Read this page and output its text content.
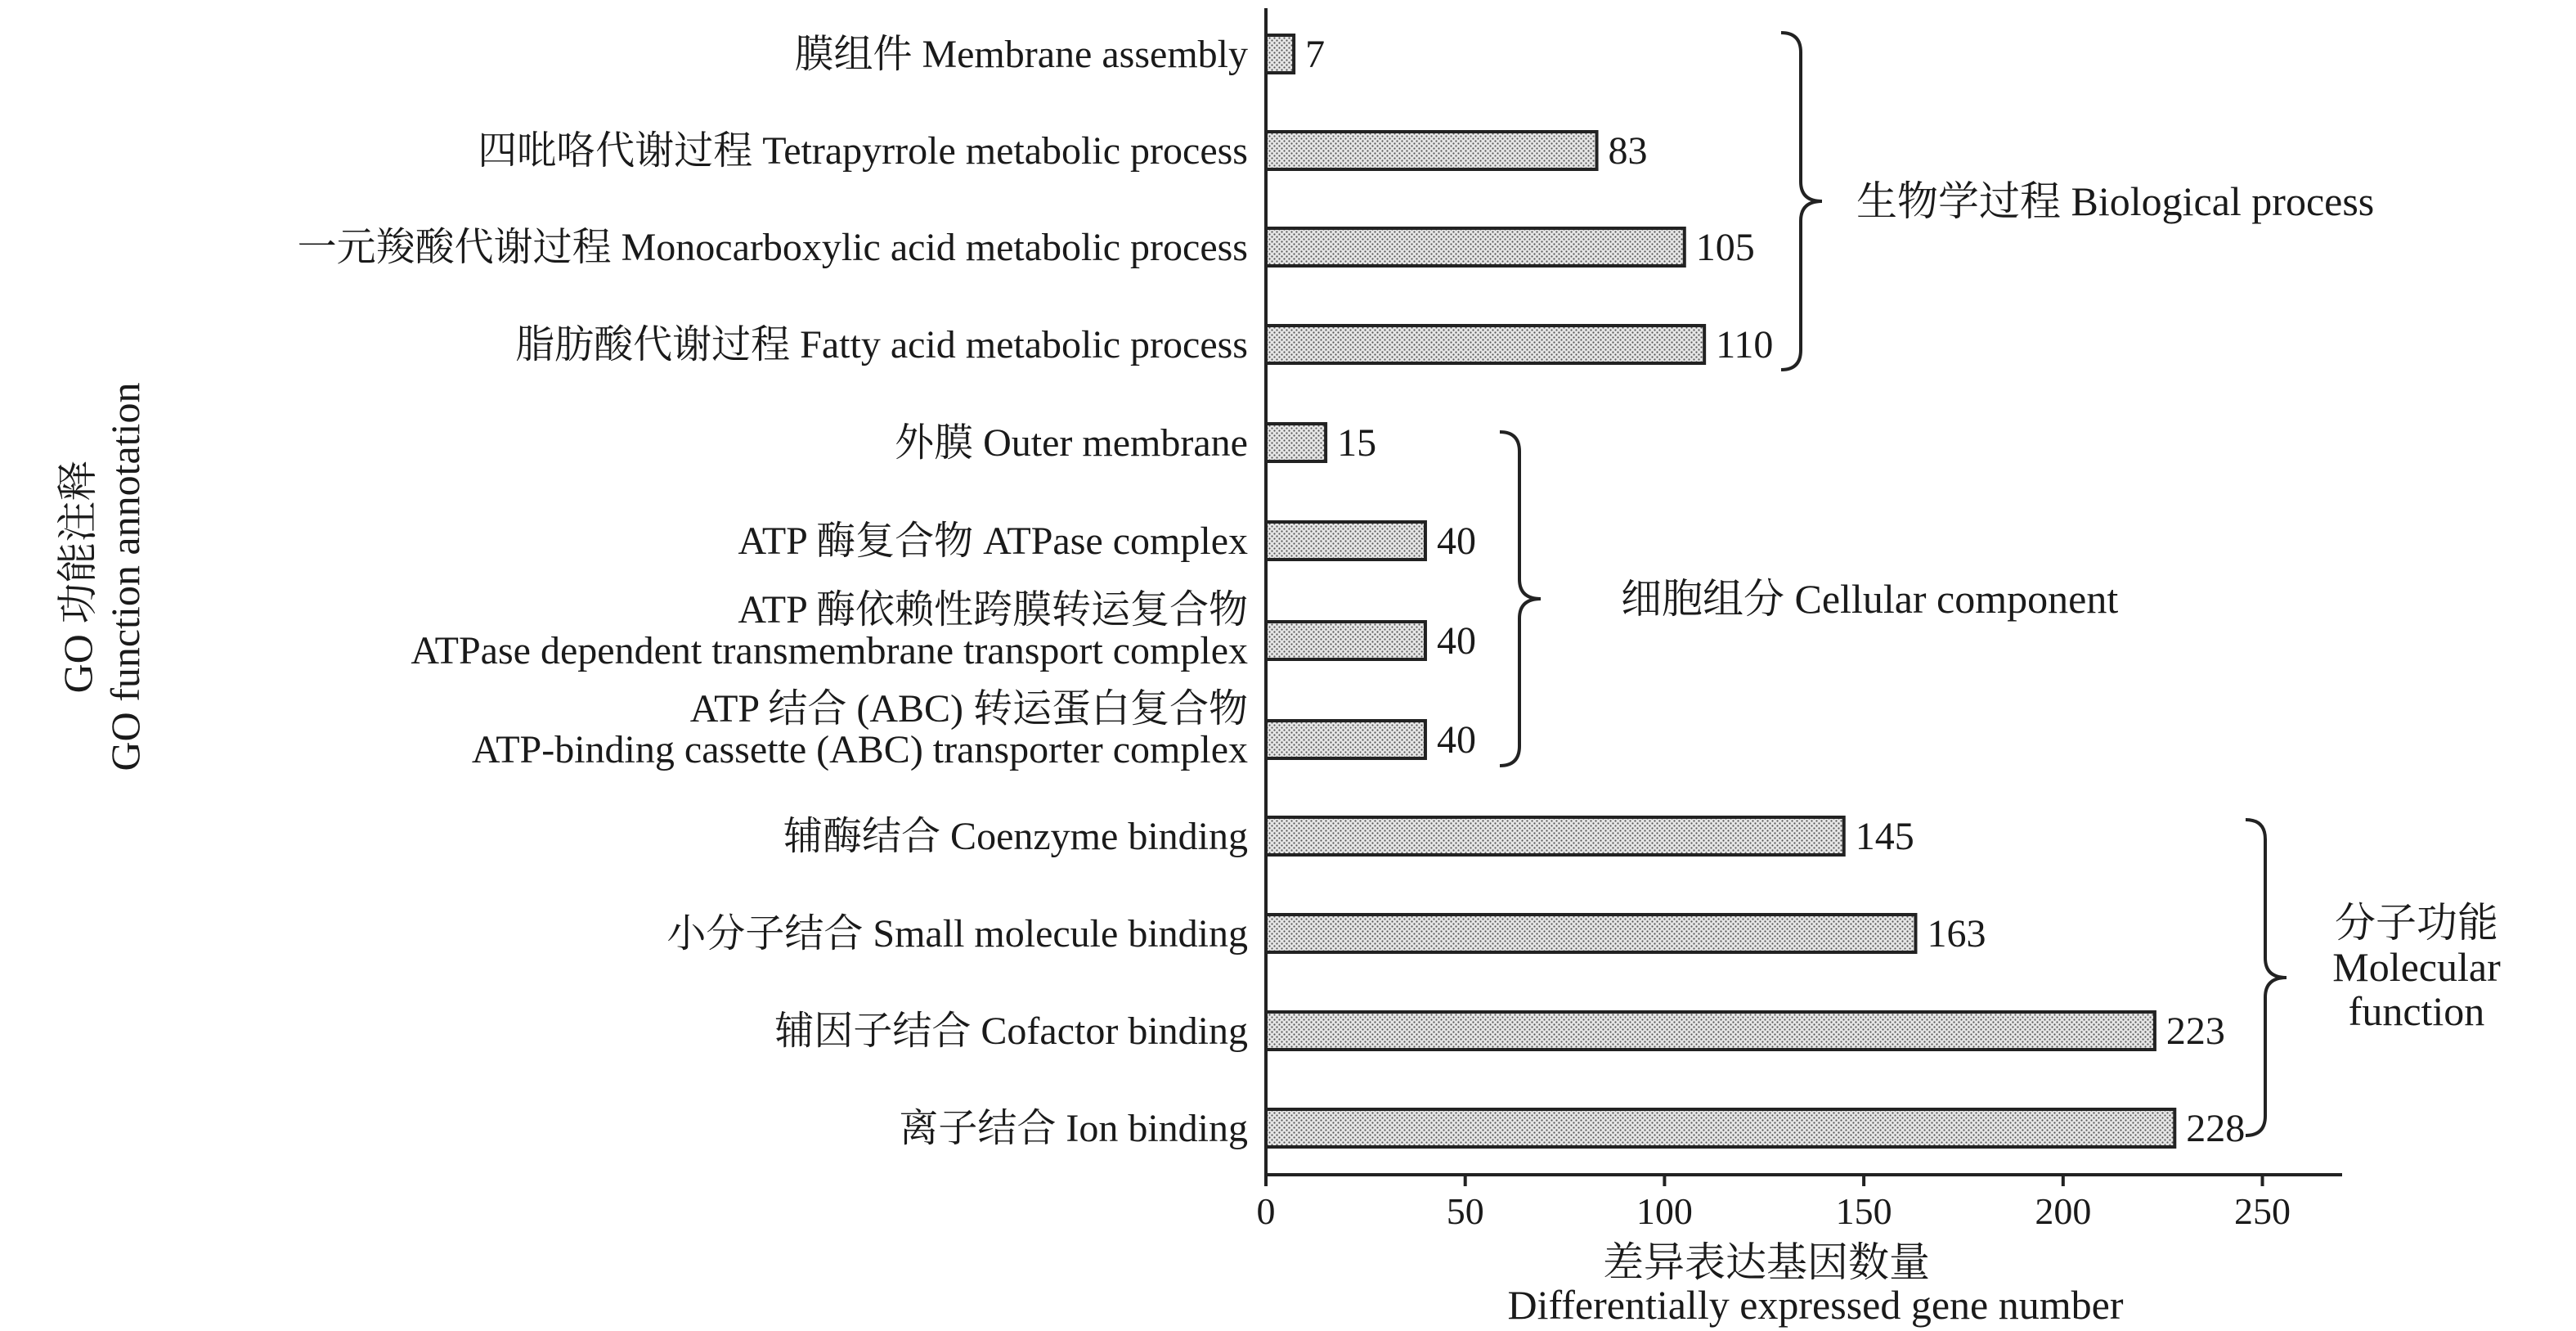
膜组件 Membrane assembly
四吡咯代谢过程 Tetrapyrrole metabolic process
一元羧酸代谢过程 Monocarboxylic acid metabolic process
脂肪酸代谢过程 Fatty acid metabolic process
外膜 Outer membrane
ATP 酶复合物 ATPase complex
ATP 酶依赖性跨膜转运复合物
ATPase dependent transmembrane transport complex
ATP 结合 (ABC) 转运蛋白复合物
ATP-binding cassette (ABC) transporter complex
辅酶结合 Coenzyme binding
小分子结合 Small molecule binding
辅因子结合 Cofactor binding
离子结合 Ion binding
7
83
105
110
15
40
40
40
145
163
223
228
0	50	100	150	200	250
生物学过程 Biological process
细胞组分 Cellular component
分子功能
Molecular
function
差异表达基因数量
Differentially expressed gene number
GO 功能注释 GO function annotation
